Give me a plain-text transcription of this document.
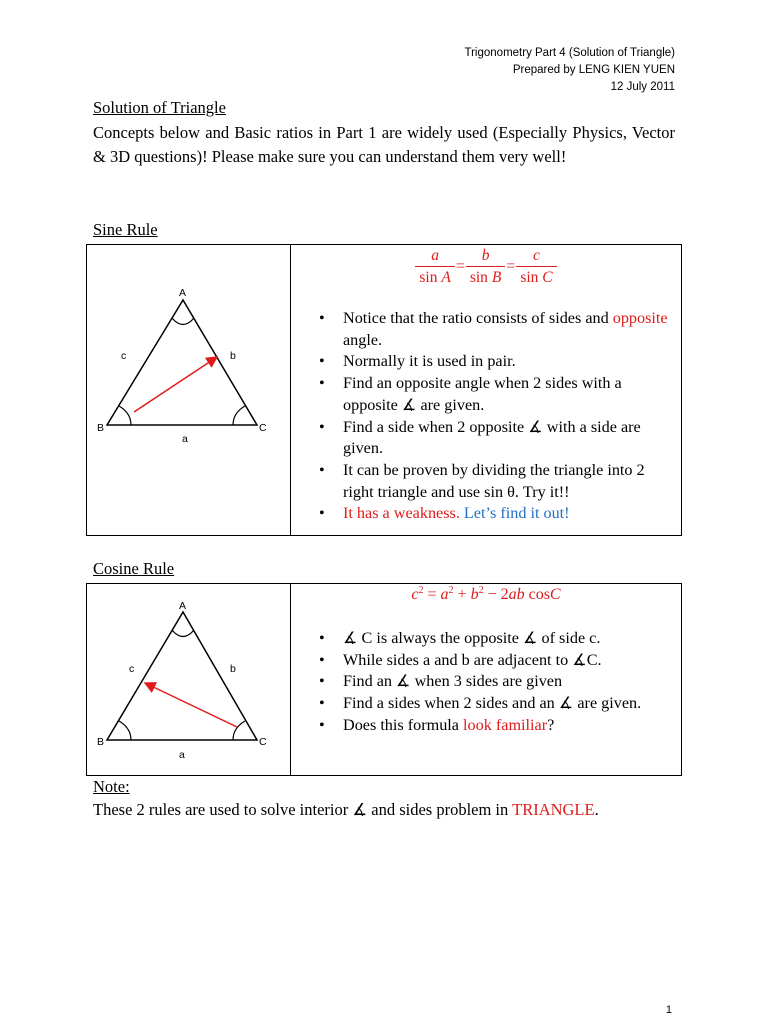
Trigonometry Part 4 (Solution of Triangle)
Prepared by LENG KIEN YUEN
12 July 2011
Solution of Triangle
Concepts below and Basic ratios in Part 1 are widely used (Especially Physics, Vector & 3D questions)! Please make sure you can understand them very well!
Sine Rule
A
B	C
c	b
a
$\frac{a}{\text{sin A}} = \frac{b}{\text{sin B}} = \frac{c}{\text{sin C}}$
• Notice that the ratio consists of sides and opposite angle.
• Normally it is used in pair.
• Find an opposite angle when 2 sides with a opposite ∡ are given.
• Find a side when 2 opposite ∡ with a side are given.
• It can be proven by dividing the triangle into 2 right triangle and use sin θ. Try it!!
• It has a weakness. Let’s find it out!
Cosine Rule
A
B	C
c	b
a
$c^2 = a^2 + b^2 - 2ab$ cosC
• ∡ C is always the opposite ∡ of side c.
• While sides a and b are adjacent to ∡C.
• Find an ∡ when 3 sides are given
• Find a sides when 2 sides and an ∡ are given.
• Does this formula look familiar?
Note:
These 2 rules are used to solve interior ∡ and sides problem in TRIANGLE.
1
